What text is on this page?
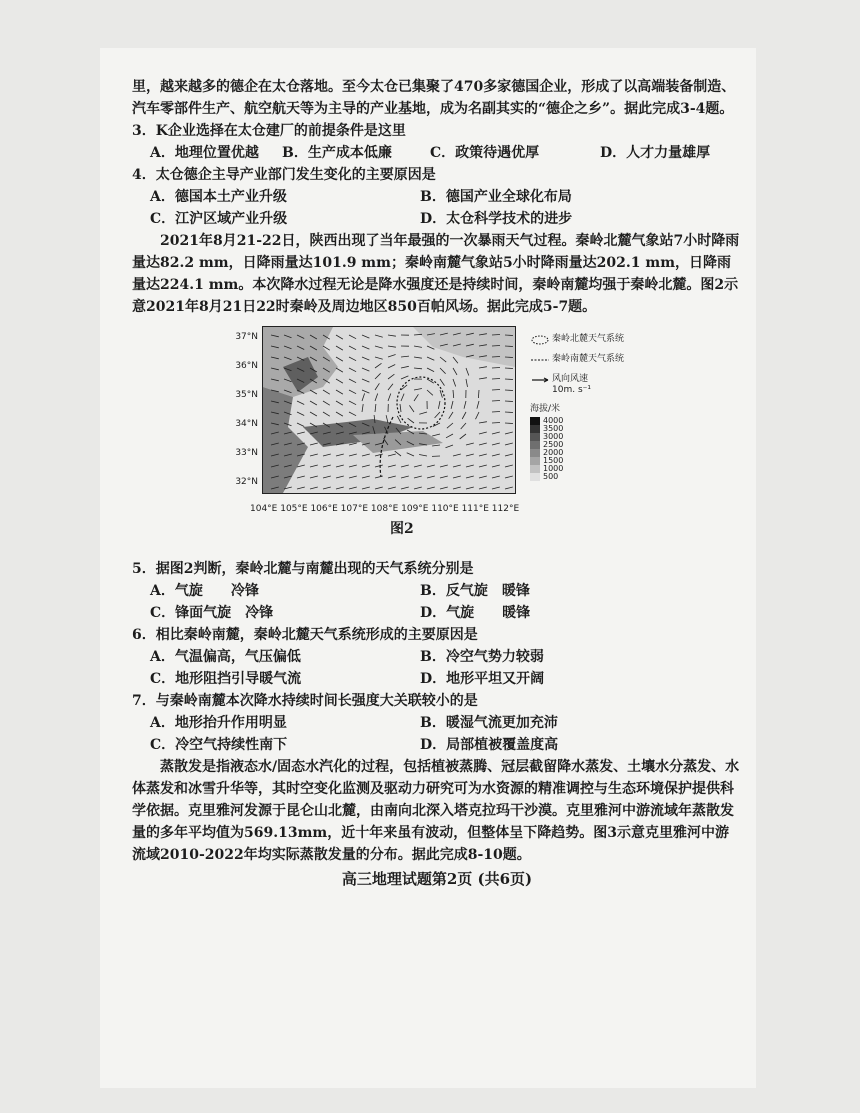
里，越来越多的德企在太仓落地。至今太仓已集聚了470多家德国企业，形成了以高端装备制造、汽车零部件生产、航空航天等为主导的产业基地，成为名副其实的“德企之乡”。据此完成3-4题。

3．K企业选择在太仓建厂的前提条件是这里

A．地理位置优越	B．生产成本低廉	C．政策待遇优厚	D．人才力量雄厚

4．太仓德企主导产业部门发生变化的主要原因是

A．德国本土产业升级	B．德国产业全球化布局
C．江沪区域产业升级	D．太仓科学技术的进步

2021年8月21-22日，陕西出现了当年最强的一次暴雨天气过程。秦岭北麓气象站7小时降雨量达82.2 mm，日降雨量达101.9 mm；秦岭南麓气象站5小时降雨量达202.1 mm，日降雨量达224.1 mm。本次降水过程无论是降水强度还是持续时间，秦岭南麓均强于秦岭北麓。图2示意2021年8月21日22时秦岭及周边地区850百帕风场。据此完成5-7题。

37°N
36°N
35°N
34°N
33°N
32°N
104°E 105°E 106°E 107°E 108°E 109°E 110°E 111°E 112°E
秦岭北麓天气系统
秦岭南麓天气系统
风向风速
10m. s⁻¹
海拔/米
4000
3500
3000
2500
2000
1500
1000
500
图2

5．据图2判断，秦岭北麓与南麓出现的天气系统分别是

A．气旋　　冷锋	B．反气旋　暖锋
C．锋面气旋　冷锋	D．气旋　　暖锋

6．相比秦岭南麓，秦岭北麓天气系统形成的主要原因是

A．气温偏高，气压偏低	B．冷空气势力较弱
C．地形阻挡引导暖气流	D．地形平坦又开阔

7．与秦岭南麓本次降水持续时间长强度大关联较小的是

A．地形抬升作用明显	B．暖湿气流更加充沛
C．冷空气持续性南下	D．局部植被覆盖度高

蒸散发是指液态水/固态水汽化的过程，包括植被蒸腾、冠层截留降水蒸发、土壤水分蒸发、水体蒸发和冰雪升华等，其时空变化监测及驱动力研究可为水资源的精准调控与生态环境保护提供科学依据。克里雅河发源于昆仑山北麓，由南向北深入塔克拉玛干沙漠。克里雅河中游流域年蒸散发量的多年平均值为569.13mm，近十年来虽有波动，但整体呈下降趋势。图3示意克里雅河中游流域2010-2022年均实际蒸散发量的分布。据此完成8-10题。

高三地理试题第2页 (共6页)
